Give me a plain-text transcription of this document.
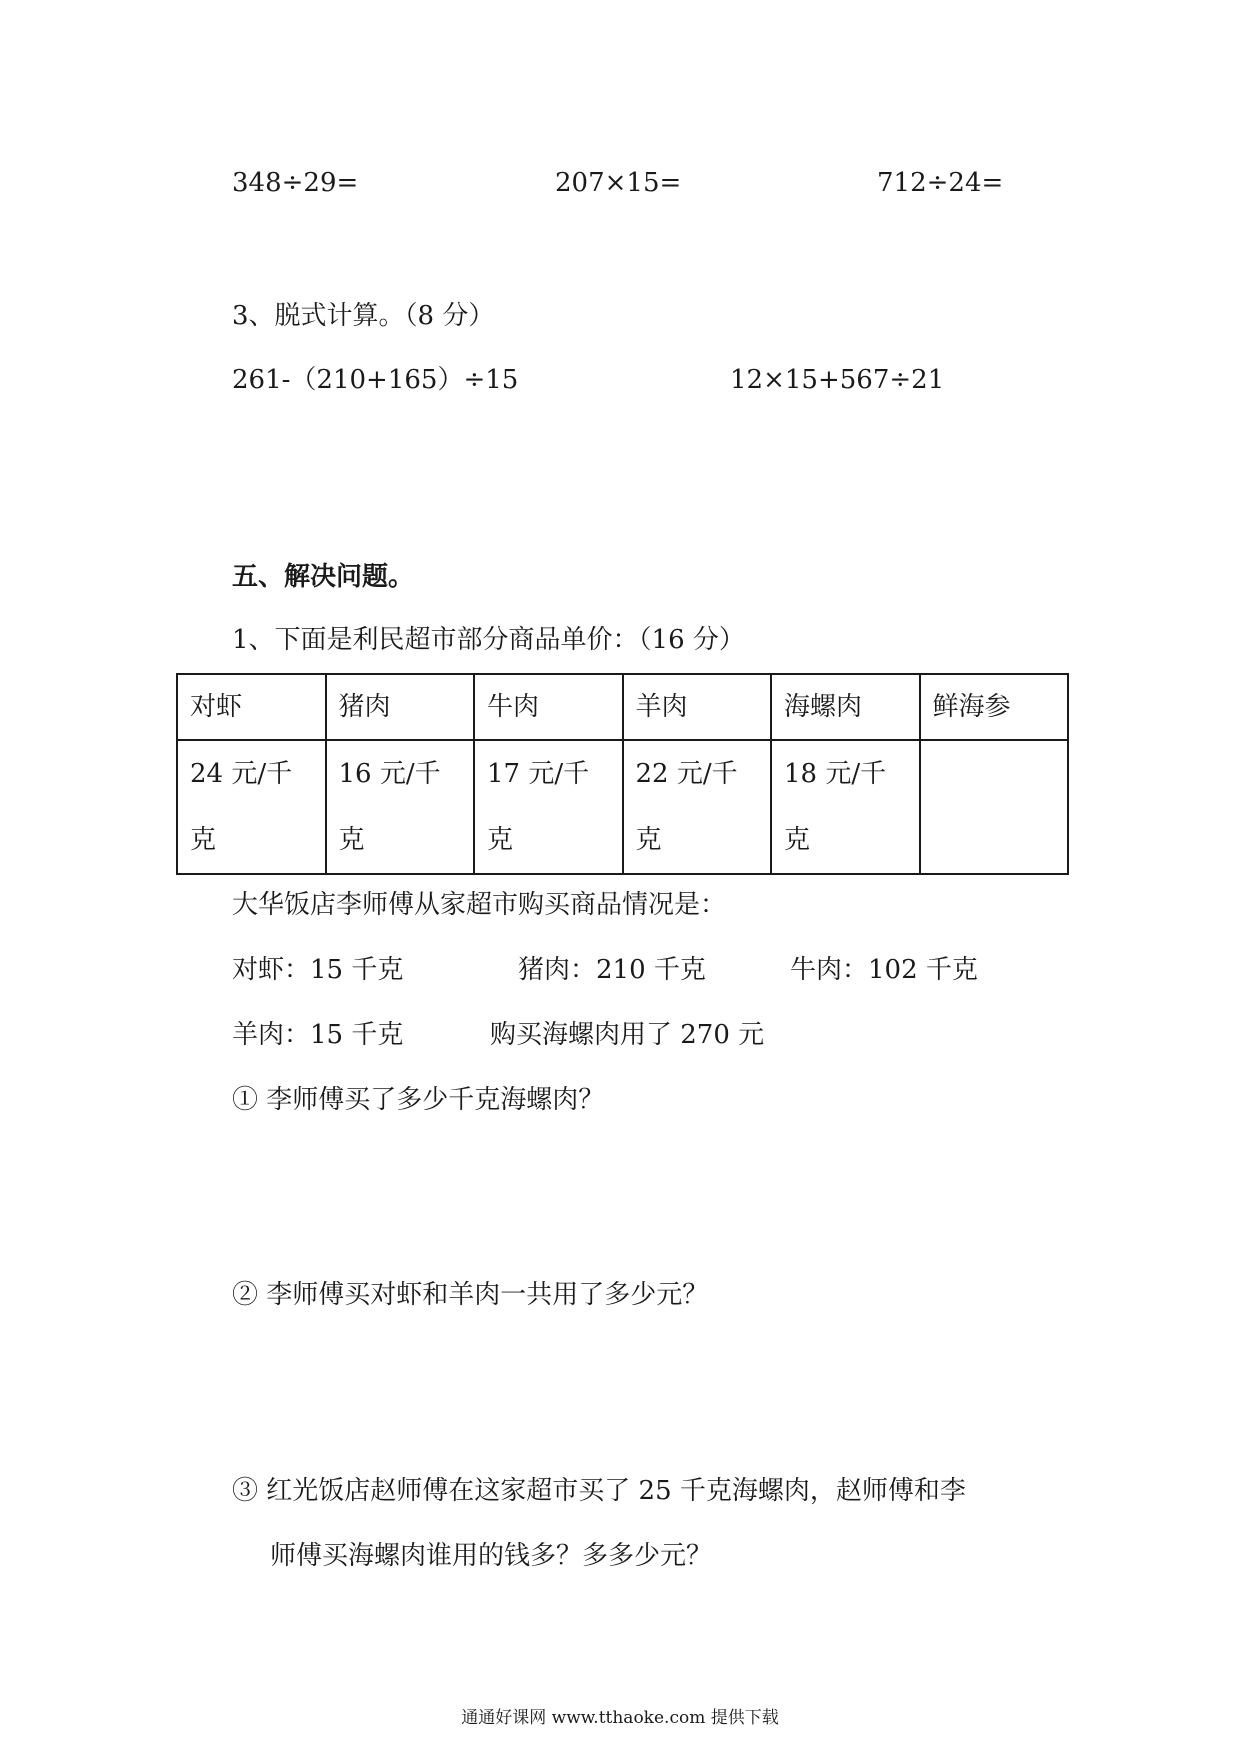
348÷29=	207×15=	712÷24=
3、脱式计算。（8 分）
261-（210+165）÷15	12×15+567÷21
五、解决问题。
1、下面是利民超市部分商品单价：（16 分）
对虾	猪肉	牛肉	羊肉	海螺肉	鲜海参
24 元/千克	16 元/千克	17 元/千克	22 元/千克	18 元/千克	
大华饭店李师傅从家超市购买商品情况是：
对虾：15 千克	猪肉：210 千克	牛肉：102 千克
羊肉：15 千克	购买海螺肉用了 270 元
① 李师傅买了多少千克海螺肉？
② 李师傅买对虾和羊肉一共用了多少元？
③ 红光饭店赵师傅在这家超市买了 25 千克海螺肉，赵师傅和李
师傅买海螺肉谁用的钱多？多多少元？
通通好课网 www.tthaoke.com 提供下载
